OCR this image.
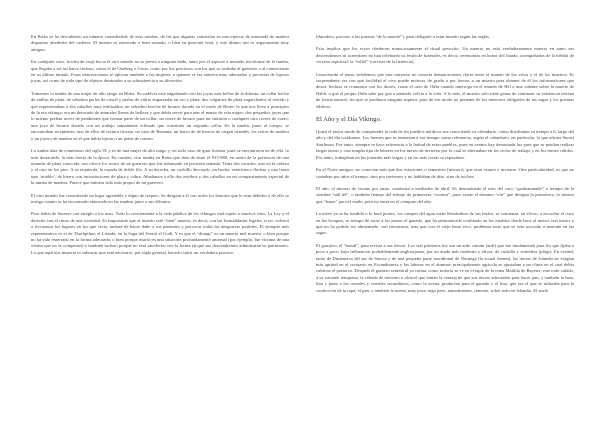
En Birka se ha descubierto un número considerable de esas tumbas, de las que algunas consistían en una especie de ensenada de madera dispuesto alrededor del cadáver. El muerto es enterrado o bien sentado, o bien en posición fetal, y este último uso es seguramente muy antiguo.

En cualquier caso, la idea de viaje hacia el otro mundo no se presta a ninguna duda, tanto por el aspecto a menudo naviforme de la tumba, que llegaba a ser un barco incluso, como el de Oseberg o Gross, como por los preciosos con los que se rodeaba al guerrero o al comerciante en su último mundo. Estas observaciones se aplican también a las mujeres, a quienes se las entierra muy adornadas y provistas de lujosas joyas, así como de todo tipo de objetos destinados a su subsistencia o su diversión.

Tomemos la tumba de una mujer de alto rango en Birka. Su cadáver está engalanado con las joyas más bellas de la difunta, un collar hecho de anillas de plata, de soberbia perlas de cristal y perlas de vidrio engarzadas en oro y plata; dos colgantes de plata engarchados al vestido y que representaban a dos caballos muy estilizados; un soberbio broche de bronce dorado en el estilo de Borre: lo que nos lleva a principios de la era vikinga; era un decorado de animales llenos de belleza y que debía servir para atar el manto de esta mujer; dos pequeños joyas que lo mismo podían servir de pendientes que formar parte de un collar; un cierre de bronce para un cinturón o cualquier otra correa de cuero; una joya de bronce dorado con un trabajo sumamente refinado que constituía un segundo collar. En la tumba, junto al cuerpo, se encontraban recipientes, uno de ellos de factura frisona, un vaso de Renania, un barco de de bronce de origen irlandés, los restos de madera y un joyero de madera en el que había tijeras o un peine de cuerno.

La tumba data de comienzos del siglo IX y es de una mujer de alto rango y, en todo caso de gran fortuna, pues se encontraron en de ella, lo más destacable, la más fuerte de la época. En cambio, otra tumba en Birka que data de entre el 913-980, en razón de la presencia de una moneda de plata conocida, nos ofrece los restos de un guerrero que fue inhumado en posición sentada. Tenía dos escudos, uno en la cabeza y el otro en los pies. A su izquierda, la espada de doble filo. A su derecha, un cuchillo decorado, un hacha, veinticinco flechas y una lanza tipo ‘ariable’, de hierro con incrustaciones de plata y cobre. Añadamos a ello dos estribos y dos caballos en un compartimiento especial de la tumba de madera. Parece que hubiera sido más propio de un guerrero.

El otro mundo fue considerado un lugar agradable y digno de respeto. Se dirigían a él con todos los honores que le eran debidos y de ello se testigo cuanto se ha encontrado enterrado en las tumbas junto a sus difuntos.

Pero había de hacerse con arreglo a los usos. Todo lo concerniente a la vida pública de los vikingos está sujeto a muchos ritos, La Ley y el derecho con el ritmo de una sociedad. Es importante que el muerto esté “bien” muerto, es decir, con las formalidades legales, si no, volverá a frecuentar los lugares en los que vivía, turbará de hacer daño a sus parientes y provocar todas las desgracias posibles. El ejemplo más representativo es el de Thorhpilmo el Lisiado, en la Saga del Sventi el Godi. Y es que el “draugr” es un muerto mal muerto, o bien porque no ha sido enterrado en la forma adecuada, o bien porque murió en una situación profundamente anormal (por ejemplo, fue víctima de una ofensa que no se compensó) o también incluso porque no está satisfecho con la forma en que sus descendientes administran su patrimonio. Lo que aquí nos importa es subrayar que está necesario, por regla general, hacerlo sufrir un verdadero proceso

(duradero; proceso a las puertas “de la muerte”), para obligarle a estar muerto según las reglas.

Esto implica que los vivos obedecen minuciosamente el ritual prescrito. Un muerto no está verdaderamente muerto en tanto sus descendientes ni acreedores no han celebrado su festín de funerales, es decir, ceremonias en honor del finado, acompañadas de la bebida de cerveza sepulcral, la “erfiöl” (cerveza de la herencia).

Conociendo el tema, señalemos que este universo no conocía demarcaciones claras entre el mundo de los vivos y el de los muertos. Es sorprendente ver con qué facilidad el vivo puede motivar, de grado o por fuerza, a un muerto para obtener de él los informaciones que desea. Incluso se comunica con los dioses, como el caso de Odín cuando interroga en el mundo de Hel a una vidente sobre la muerte de Baldr, o que el propio Odín sabe por que a menudo volvía a la vida. A lo más, el muerto solo tiene ganas de continuar su existencia terrena de forma natural, sin que se produzca ninguna ruptura, para de ese modo no pertener de los meteoros obligados de las sagas y los poemas éddicos.

El Año y el Día Vikingo.

Quizá el mejor modo de comprender la vida de los pueblos nórdicos sea conociendo su calendario, cómo distribuían su tiempo a lo largo del año y del día cotidianos. Las fuentes que se remontan a ese tiempo como referencia, según el calendario, en particular, lo que afirma Snorri Sturluson. Por tanto, siempre se hace referencia a la latitud de estos pueblos, pues en verano hay demasiada luz para que se puedan realizar largas tareas y casi ningún tipo de labores en los meses de invierno por lo cual se alternaban en los ciclos de trabajo y en los meses cálidos. Por tanto, trabajaban en las jornadas más largas y en las más cortas se reposaban.

En el Norte antiguo, no conocían más que dos estaciones o semestres (misseri), que eran verano e invierno. Otra particularidad, es que no contaban por años el tiempo, sino por inviernos y no hablaban de días, sino de noches.

El año, el misseri de verano por tanto, comienza a mediados de abril. Es denominado el mes del cuco “gauksmanuðr” o tiempo de la siembra “sáð tíð”, o también tiempo del trabajo de primavera “vorönn”, pues existe el término “vár” que designa la primavera, lo mismo que “haust” para el otoño, pero no entra en el cómputo del año.

La nieve ya se ha fundido o lo hará pronto, los campos del agua están liberándose de sus hielos, se comienza, en efecto, a escuchar el cuco en los bosques, es tiempo de sacar a los pastos el ganado, que ha permanecido confinado en los establos desde hace al menos seis meses y que no ha podido ser alimentado, con frecuencia, más que con el viejo heno seco, problema serio que se veía avocado a menudo en las sagas.

El granjero, el “bondi”, pasa revista a sus tierras. Los seis primeros fue son un ardo común (ardr) que fue fundamental para los que fijaba a poco a poco, bajo influencias probablemente anglosajonas, por un arado más moderno y eficaz, de cuchilla y vertedera (plógr). En verdad, tanto de Dinamarca del sur de Suecia y de una pequeña parte meridional de Noruega (la actual Jaeren), las tierras de Islandia no exigían más aptitud en el contrario en Escandinavia y las labores en el dominio principalmente agrícola se ajustaban a un clima en el cual debía cubrirse el pastoreo. Después el granero semestral ya colma, como todavía se ve en el tapiz de la reina Matilda de Bayeux; este todo cabido, a su variante temprana, la cebada de invierno o alcacel que tenían la ventaja de que sus tierras adecuadas para hacer pan, y también la lana, lino y junto a los cereales y cereales secundarios, como la avena, producían para el ganado y el lino, que era el que se utilizaba para la confección de la ropa, el pan, y también la avena, muy poco trigo pero, naturalmente, centeno, sobre todo en Islandia. El suelo
